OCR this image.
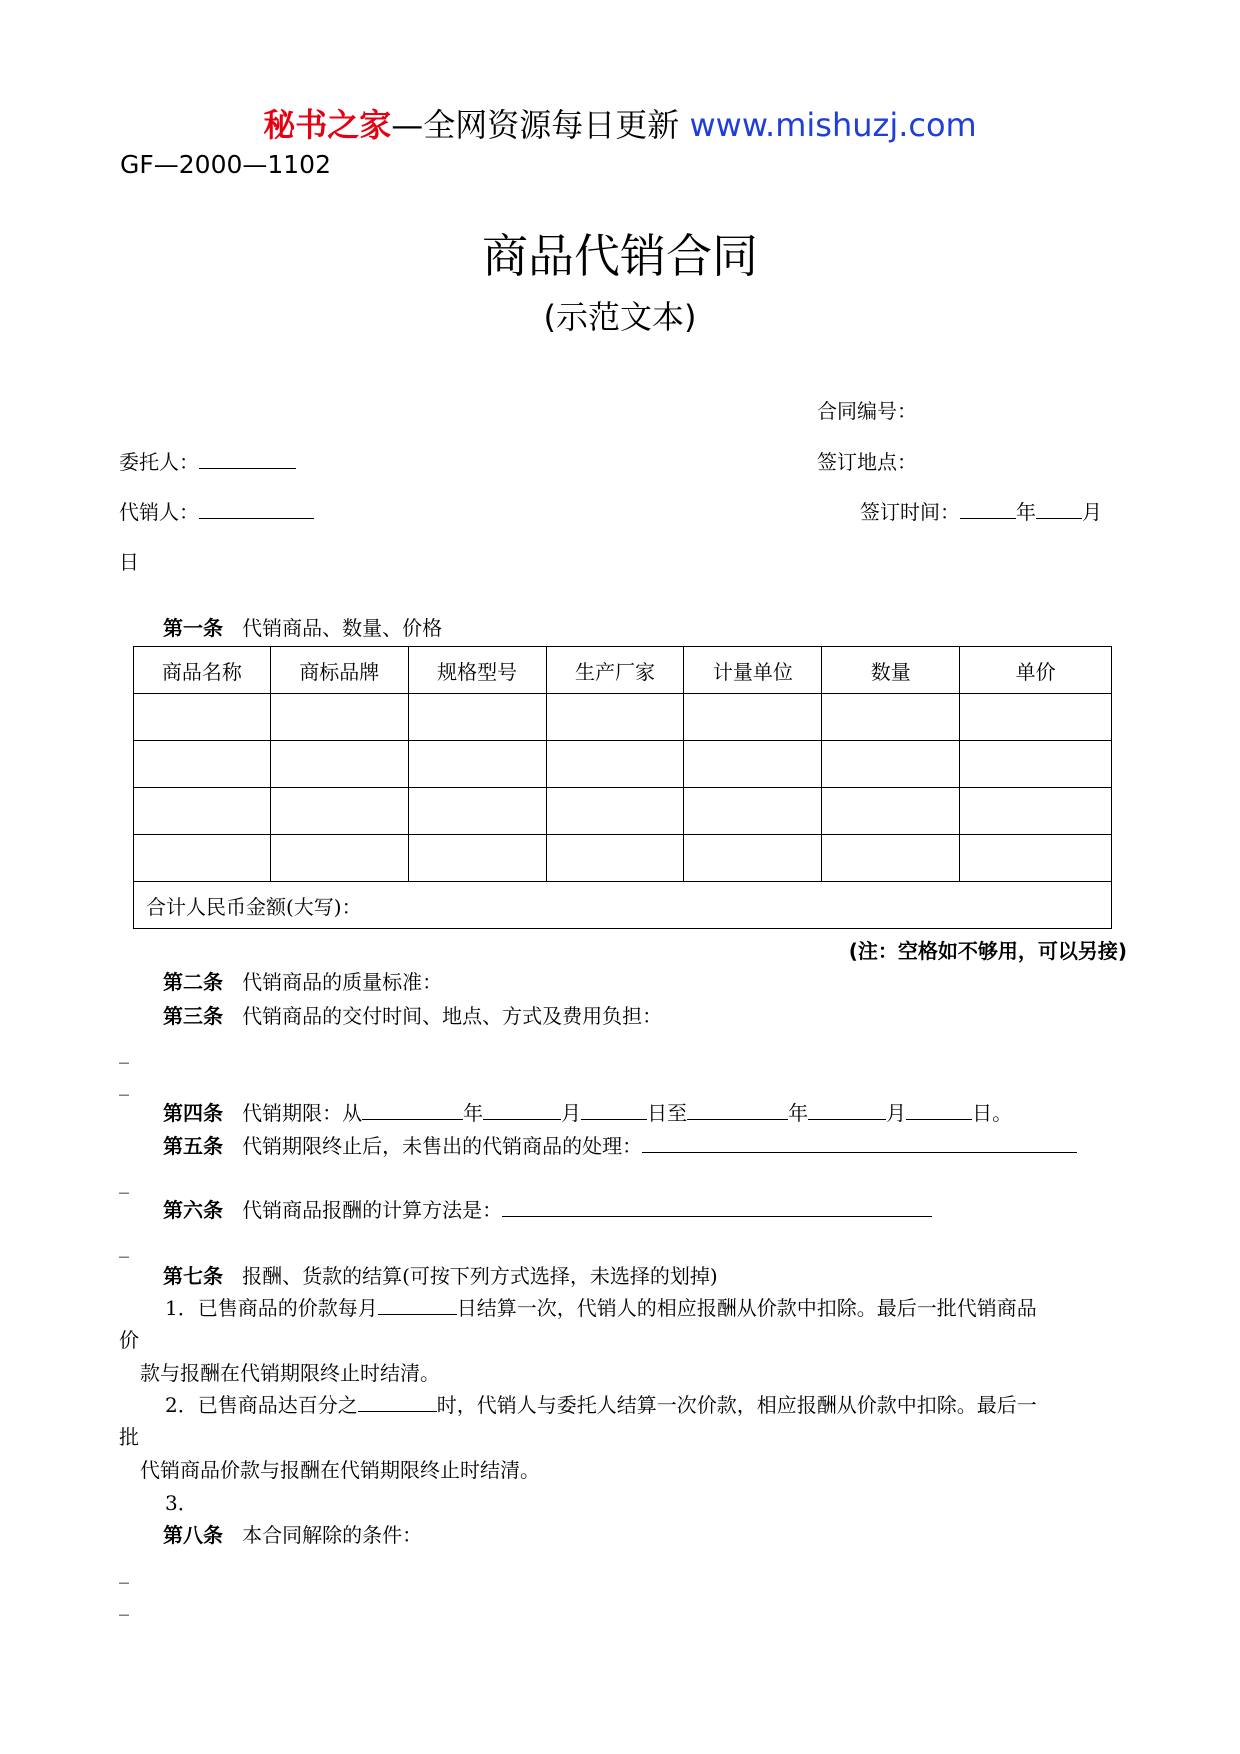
秘书之家—全网资源每日更新 www.mishuzj.com
GF—2000—1102
商品代销合同
(示范文本)
合同编号：
委托人：	签订地点：
代销人：	签订时间：	年 月
日
第一条 代销商品、数量、价格
商品名称	商标品牌	规格型号	生产厂家	计量单位	数量	单价

合计人民币金额(大写)：						
(注：空格如不够用，可以另接)
第二条 代销商品的质量标准：
第三条 代销商品的交付时间、地点、方式及费用负担：
_
_
第四条 代销期限：从	年	月	日至	年	月	日。
第五条 代销期限终止后，未售出的代销商品的处理：
_
第六条 代销商品报酬的计算方法是：
_
第七条 报酬、货款的结算(可按下列方式选择，未选择的划掉)
1．已售商品的价款每月	日结算一次，代销人的相应报酬从价款中扣除。最后一批代销商品
价
款与报酬在代销期限终止时结清。
2．已售商品达百分之	时，代销人与委托人结算一次价款，相应报酬从价款中扣除。最后一
批
代销商品价款与报酬在代销期限终止时结清。
3．
第八条 本合同解除的条件：
_
_
